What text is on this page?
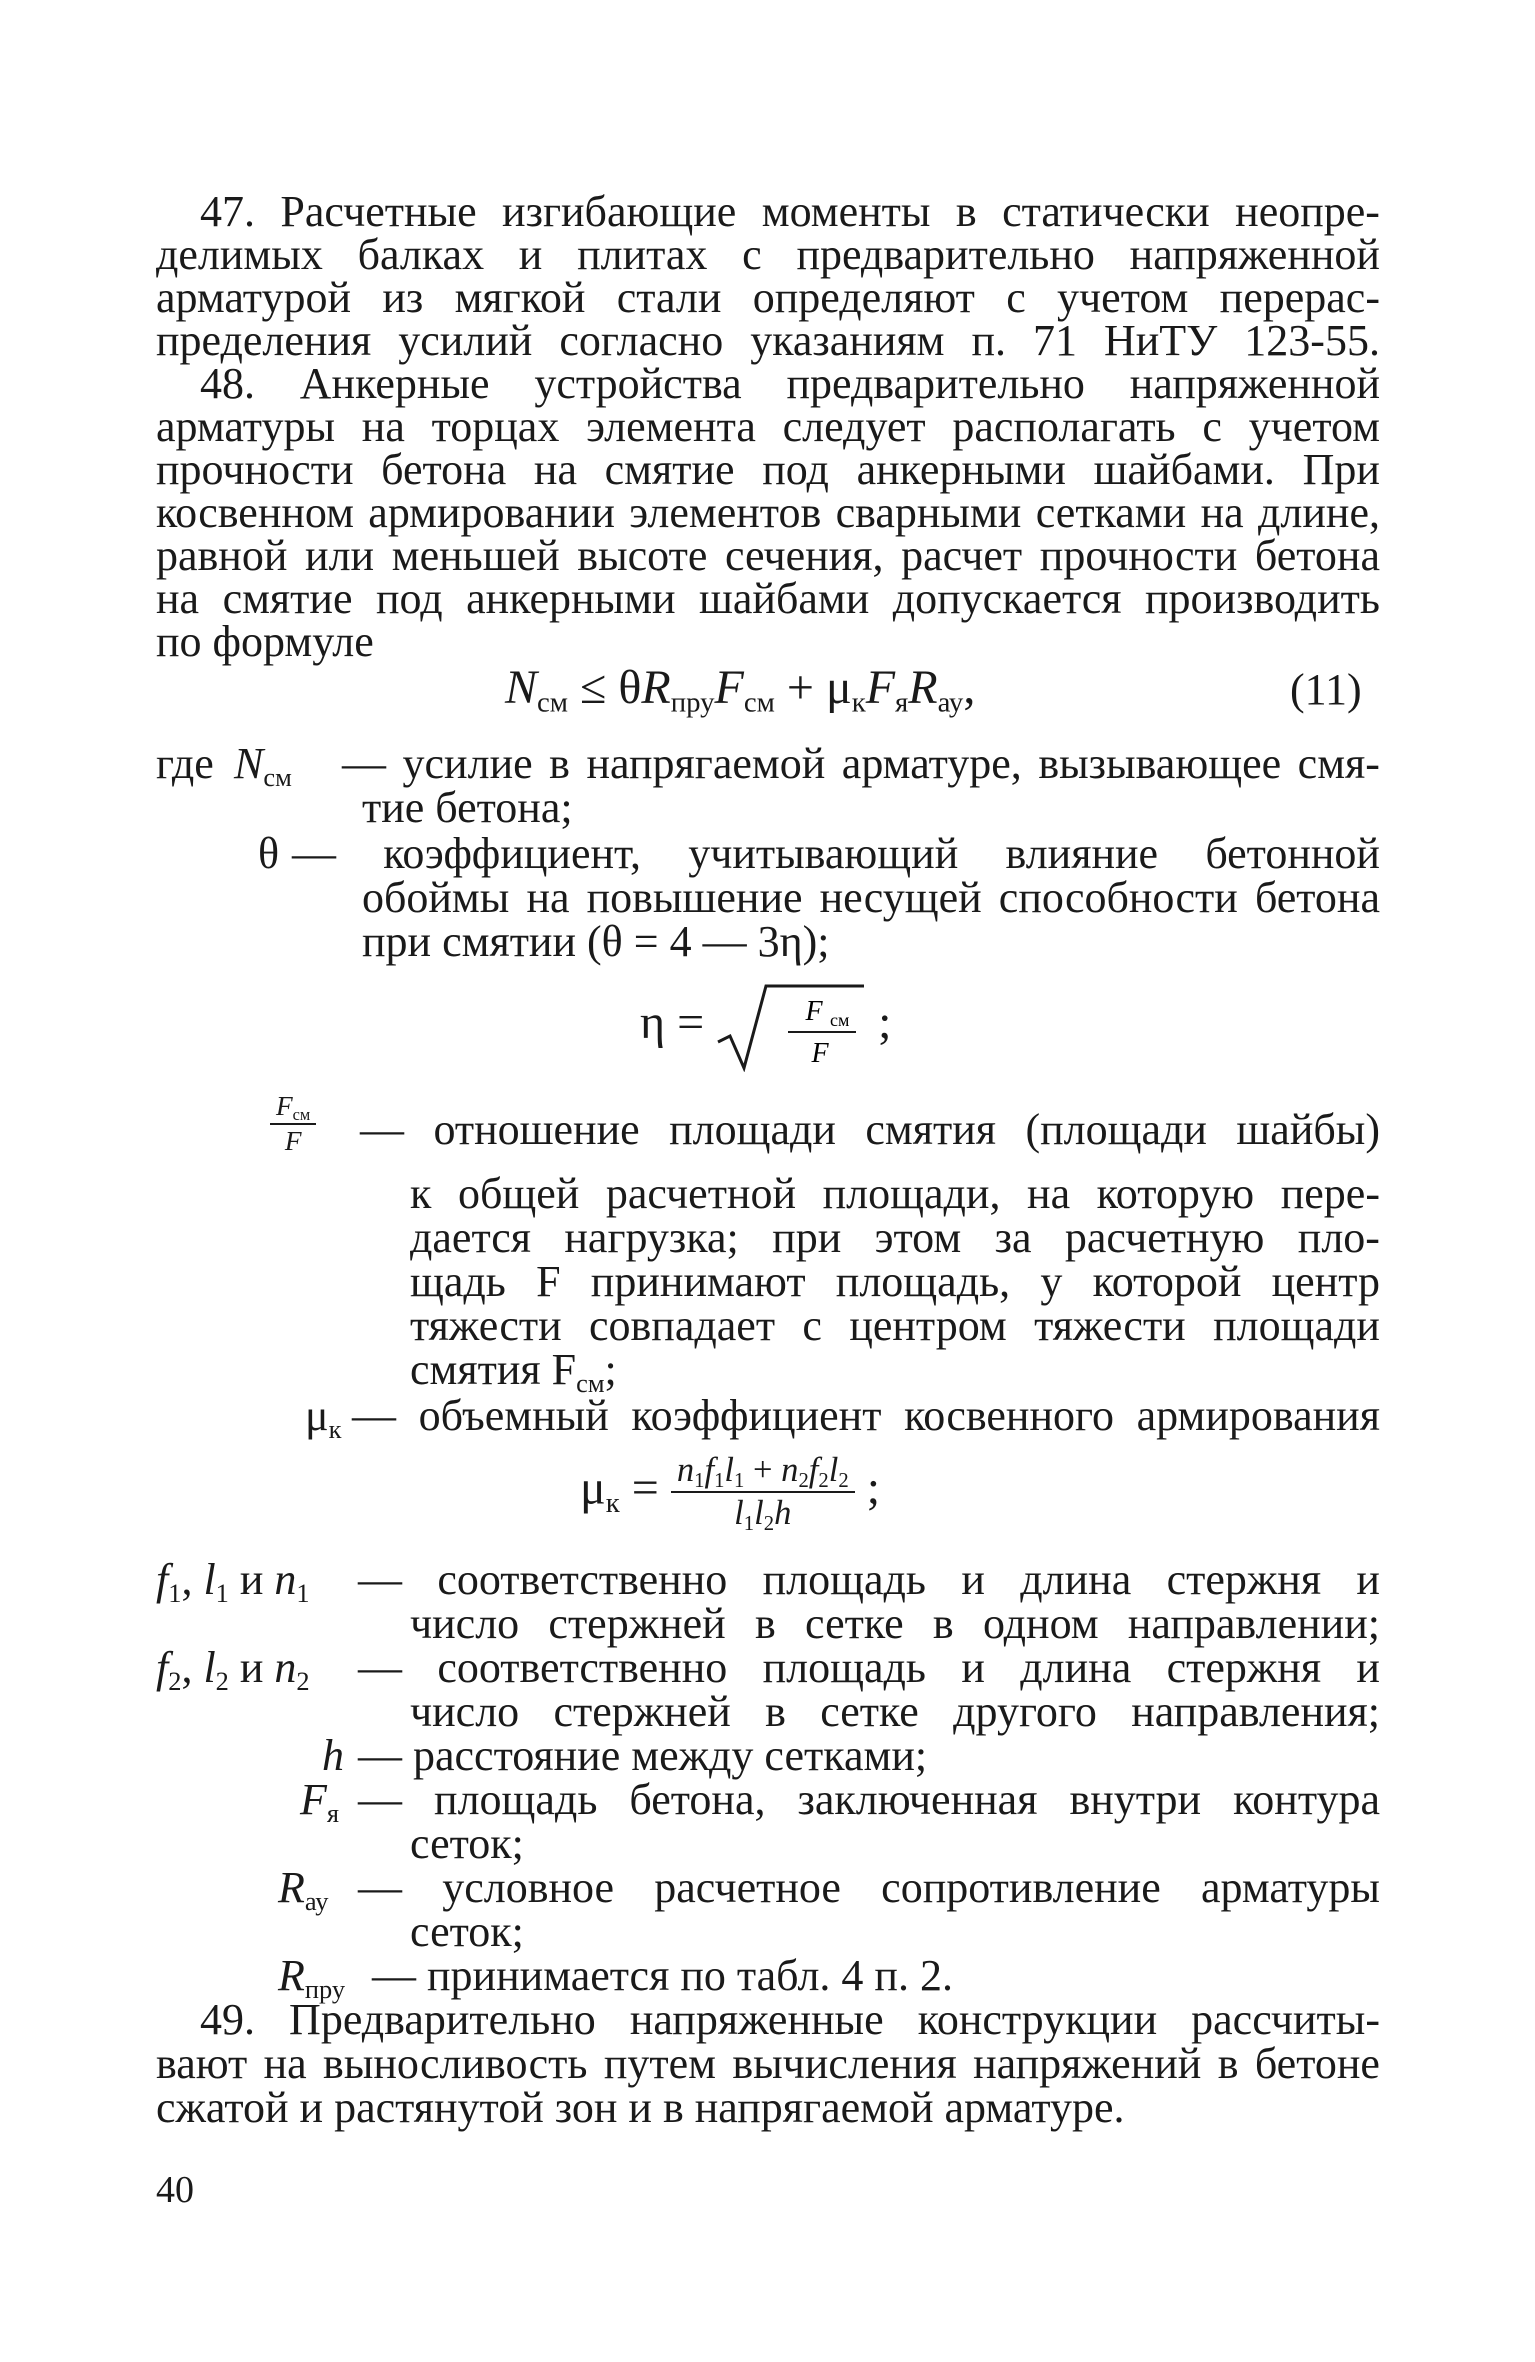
47. Расчетные изгибающие моменты в статически неопре-
делимых балках и плитах с предварительно напряженной
арматурой из мягкой стали определяют с учетом перерас-
пределения усилий согласно указаниям п. 71 НиТУ 123-55.
48. Анкерные устройства предварительно напряженной
арматуры на торцах элемента следует располагать с учетом
прочности бетона на смятие под анкерными шайбами. При
косвенном армировании элементов сварными сетками на длине,
равной или меньшей высоте сечения, расчет прочности бетона
на смятие под анкерными шайбами допускается производить
по формуле
$N_{см} \le \theta R_{пру}F_{см} + \mu_кF_яR_{ау}$,	(11)
где $N_{см}$ — усилие в напрягаемой арматуре, вызывающее смя-
тие бетона;
θ — коэффициент, учитывающий влияние бетонной
обоймы на повышение несущей способности бетона
при смятии (θ = 4 — 3η);
η =	F см
F
;
$\frac{F_{см}}{F}$ — отношение площади смятия (площади шайбы)
к общей расчетной площади, на которую пере-
дается нагрузка; при этом за расчетную пло-
щадь F принимают площадь, у которой центр
тяжести совпадает с центром тяжести площади
смятия $F_{см}$;
$\mu_к$ — объемный коэффициент косвенного армирования
$\mu_к = \frac{n_1f_1l_1 + n_2f_2l_2}{l_1l_2h}$ ;
$f_1$, $l_1$ и $n_1$ — соответственно площадь и длина стержня и
число стержней в сетке в одном направлении;
$f_2$, $l_2$ и $n_2$ — соответственно площадь и длина стержня и
число стержней в сетке другого направления;
h — расстояние между сетками;
$F_я$ — площадь бетона, заключенная внутри контура
сеток;
$R_{ау}$ — условное расчетное сопротивление арматуры
сеток;
$R_{пру}$ — принимается по табл. 4 п. 2.
49. Предварительно напряженные конструкции рассчиты-
вают на выносливость путем вычисления напряжений в бетоне
сжатой и растянутой зон и в напрягаемой арматуре.
40
